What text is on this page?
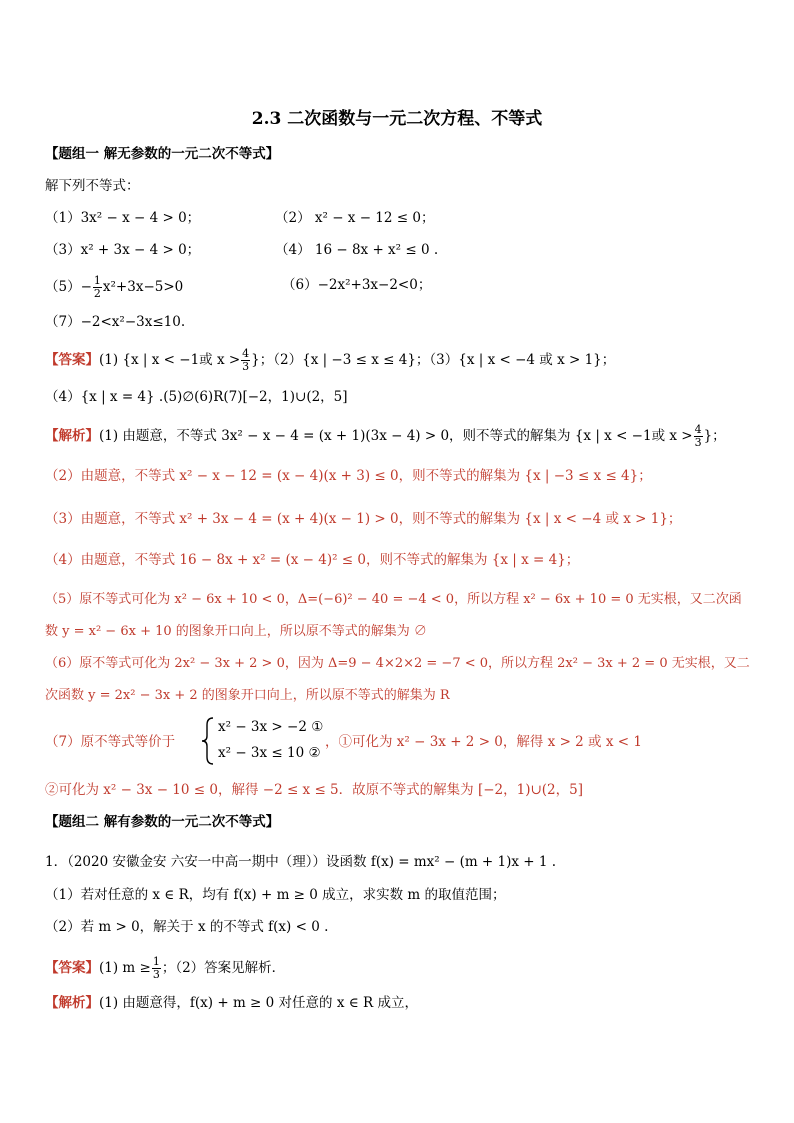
2.3 二次函数与一元二次方程、不等式
【题组一 解无参数的一元二次不等式】
解下列不等式：
（1）3x² − x − 4 > 0；	（2） x² − x − 12 ≤ 0；
（3）x² + 3x − 4 > 0；	（4） 16 − 8x + x² ≤ 0 .
$(5)- \frac{1}{2} x^2+3x-5>0$	（6）−2x²+3x−2<0；
（7）−2<x²−3x≤10.
【答案】(1) {x | x < −1或 $x > \frac{4}{3}$ }；（2）{x | −3 ≤ x ≤ 4}；（3）{x | x < −4 或 x > 1}；
（4）{x | x = 4} .(5)∅(6)R(7)[−2，1)∪(2，5]
【解析】(1) 由题意，不等式 3x² − x − 4 = (x + 1)(3x − 4) > 0，则不等式的解集为 {x | x < −1或 $x > \frac{4}{3}$ }；
（2）由题意，不等式 x² − x − 12 = (x − 4)(x + 3) ≤ 0，则不等式的解集为 {x | −3 ≤ x ≤ 4}；
（3）由题意，不等式 x² + 3x − 4 = (x + 4)(x − 1) > 0，则不等式的解集为 {x | x < −4 或 x > 1}；
（4）由题意，不等式 16 − 8x + x² = (x − 4)² ≤ 0，则不等式的解集为 {x | x = 4}；
（5）原不等式可化为 x² − 6x + 10 < 0，Δ=(−6)² − 40 = −4 < 0，所以方程 x² − 6x + 10 = 0 无实根，又二次函
数 y = x² − 6x + 10 的图象开口向上，所以原不等式的解集为 ∅
（6）原不等式可化为 2x² − 3x + 2 > 0，因为 Δ=9 − 4×2×2 = −7 < 0，所以方程 2x² − 3x + 2 = 0 无实根，又二
次函数 y = 2x² − 3x + 2 的图象开口向上，所以原不等式的解集为 R
（7）原不等式等价于
x² − 3x > −2 ①
x² − 3x ≤ 10 ②
，①可化为 x² − 3x + 2 > 0，解得 x > 2 或 x < 1
②可化为 x² − 3x − 10 ≤ 0，解得 −2 ≤ x ≤ 5．故原不等式的解集为 [−2，1)∪(2，5]
【题组二 解有参数的一元二次不等式】
1．（2020 安徽金安 六安一中高一期中（理））设函数 f(x) = mx² − (m + 1)x + 1 .
（1）若对任意的 x ∈ R，均有 f(x) + m ≥ 0 成立，求实数 m 的取值范围；
（2）若 m > 0，解关于 x 的不等式 f(x) < 0 .
【答案】(1) $m \ge \frac{1}{3}$ ；（2）答案见解析．
【解析】(1) 由题意得，f(x) + m ≥ 0 对任意的 x ∈ R 成立，
